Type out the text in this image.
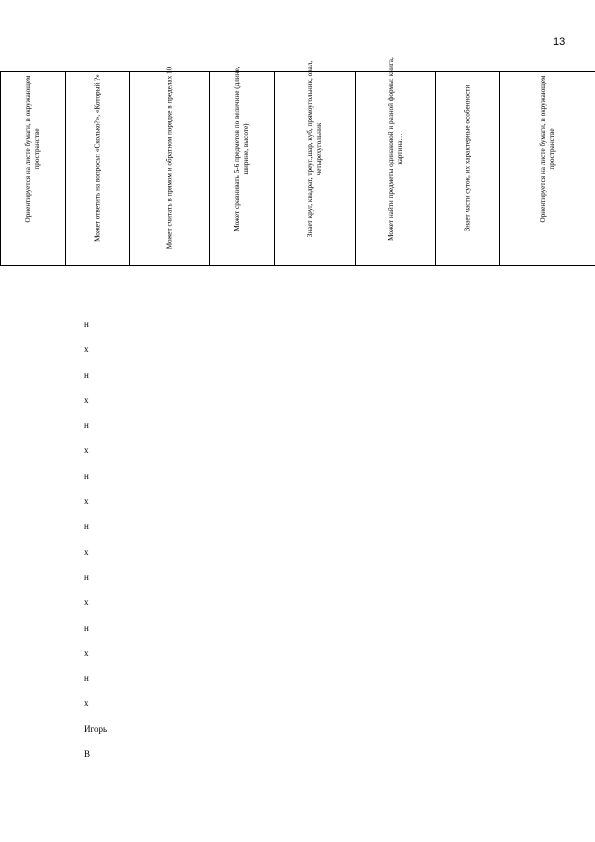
13
Ориентируется на листе бумаги, в окружающем пространстве	Может ответить на вопросы: «Сколько?», «Который ?»	Может считать в прямом и обратном порядке в пределах 10	Может сравнивать 5-6 предметов по величине (длине, ширине, высоте)	Знает круг, квадрат, треуг.,шар, куб, прямоугольник, овал, четырехугольник	Может найти предметы одинаковой и разной формы: книга, картина…	Знает части суток, их характерные особенности	Ориентируется на листе бумаги, в окружающем пространстве
н
х
н
х
н
х
н
х
н
х
н
х
н
х
н
х
Игорь
В
